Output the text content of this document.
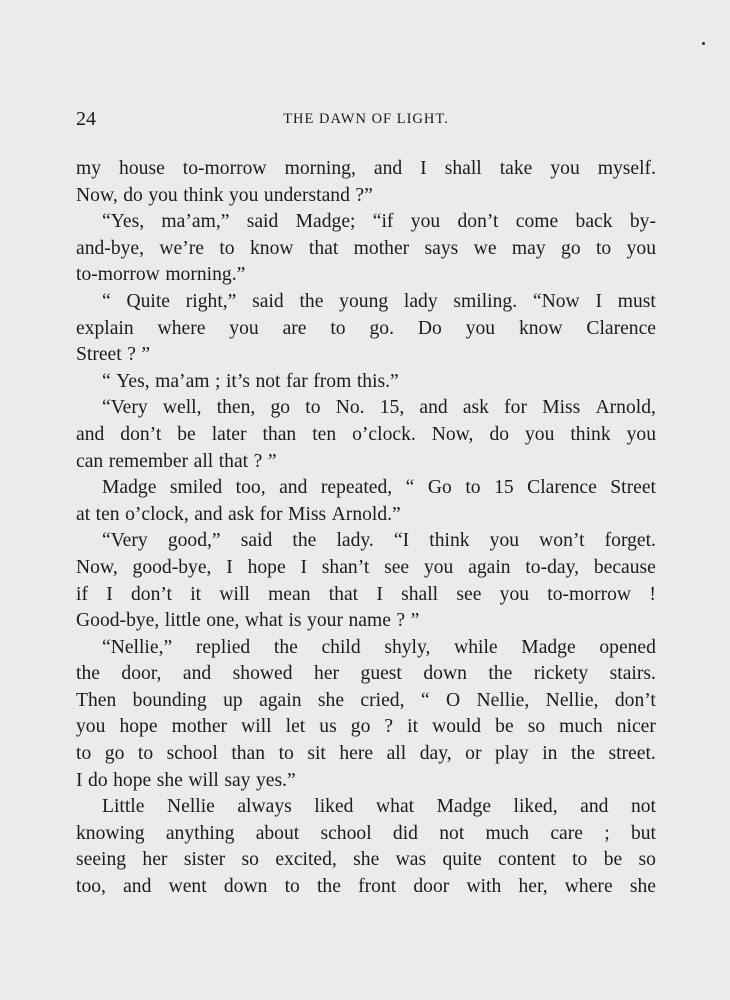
24	THE DAWN OF LIGHT.
my house to-morrow morning, and I shall take you myself.
Now, do you think you understand ?”
“Yes, ma’am,” said Madge; “if you don’t come back by-
and-bye, we’re to know that mother says we may go to you
to-morrow morning.”
“ Quite right,” said the young lady smiling. “Now I must
explain where you are to go. Do you know Clarence
Street ? ”
“ Yes, ma’am ; it’s not far from this.”
“Very well, then, go to No. 15, and ask for Miss Arnold,
and don’t be later than ten o’clock. Now, do you think you
can remember all that ? ”
Madge smiled too, and repeated, “ Go to 15 Clarence Street
at ten o’clock, and ask for Miss Arnold.”
“Very good,” said the lady. “I think you won’t forget.
Now, good-bye, I hope I shan’t see you again to-day, because
if I don’t it will mean that I shall see you to-morrow !
Good-bye, little one, what is your name ? ”
“Nellie,” replied the child shyly, while Madge opened
the door, and showed her guest down the rickety stairs.
Then bounding up again she cried, “ O Nellie, Nellie, don’t
you hope mother will let us go ? it would be so much nicer
to go to school than to sit here all day, or play in the street.
I do hope she will say yes.”
Little Nellie always liked what Madge liked, and not
knowing anything about school did not much care ; but
seeing her sister so excited, she was quite content to be so
too, and went down to the front door with her, where she
